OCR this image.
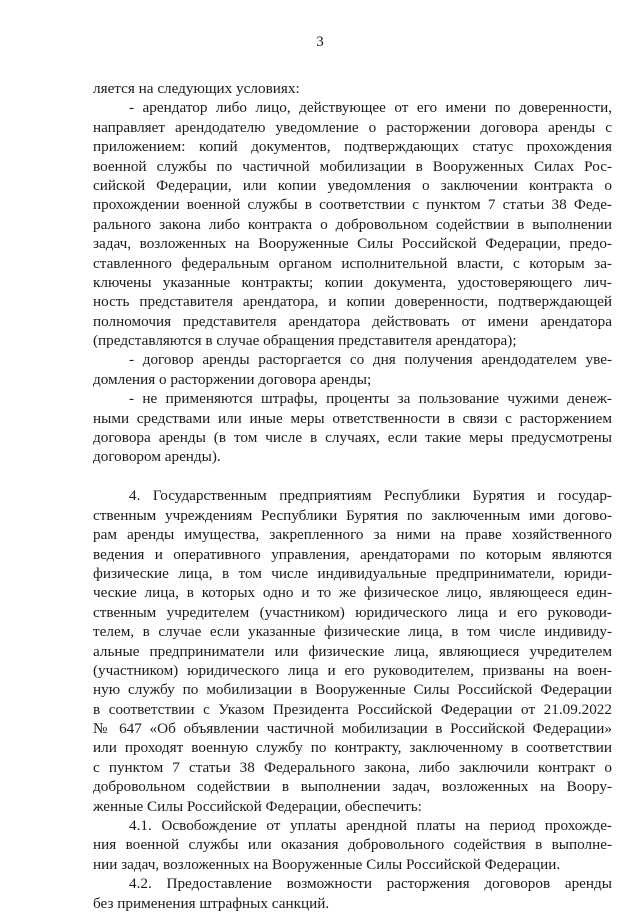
3
ляется на следующих условиях:
- арендатор либо лицо, действующее от его имени по доверенности,
направляет арендодателю уведомление о расторжении договора аренды с
приложением: копий документов, подтверждающих статус прохождения
военной службы по частичной мобилизации в Вооруженных Силах Рос-
сийской Федерации, или копии уведомления о заключении контракта о
прохождении военной службы в соответствии с пунктом 7 статьи 38 Феде-
рального закона либо контракта о добровольном содействии в выполнении
задач, возложенных на Вооруженные Силы Российской Федерации, предо-
ставленного федеральным органом исполнительной власти, с которым за-
ключены указанные контракты; копии документа, удостоверяющего лич-
ность представителя арендатора, и копии доверенности, подтверждающей
полномочия представителя арендатора действовать от имени арендатора
(представляются в случае обращения представителя арендатора);
- договор аренды расторгается со дня получения арендодателем уве-
домления о расторжении договора аренды;
- не применяются штрафы, проценты за пользование чужими денеж-
ными средствами или иные меры ответственности в связи с расторжением
договора аренды (в том числе в случаях, если такие меры предусмотрены
договором аренды).
4. Государственным предприятиям Республики Бурятия и государ-
ственным учреждениям Республики Бурятия по заключенным ими догово-
рам аренды имущества, закрепленного за ними на праве хозяйственного
ведения и оперативного управления, арендаторами по которым являются
физические лица, в том числе индивидуальные предприниматели, юриди-
ческие лица, в которых одно и то же физическое лицо, являющееся един-
ственным учредителем (участником) юридического лица и его руководи-
телем, в случае если указанные физические лица, в том числе индивиду-
альные предприниматели или физические лица, являющиеся учредителем
(участником) юридического лица и его руководителем, призваны на воен-
ную службу по мобилизации в Вооруженные Силы Российской Федерации
в соответствии с Указом Президента Российской Федерации от 21.09.2022
№ 647 «Об объявлении частичной мобилизации в Российской Федерации»
или проходят военную службу по контракту, заключенному в соответствии
с пунктом 7 статьи 38 Федерального закона, либо заключили контракт о
добровольном содействии в выполнении задач, возложенных на Воору-
женные Силы Российской Федерации, обеспечить:
4.1. Освобождение от уплаты арендной платы на период прохожде-
ния военной службы или оказания добровольного содействия в выполне-
нии задач, возложенных на Вооруженные Силы Российской Федерации.
4.2. Предоставление возможности расторжения договоров аренды
без применения штрафных санкций.
